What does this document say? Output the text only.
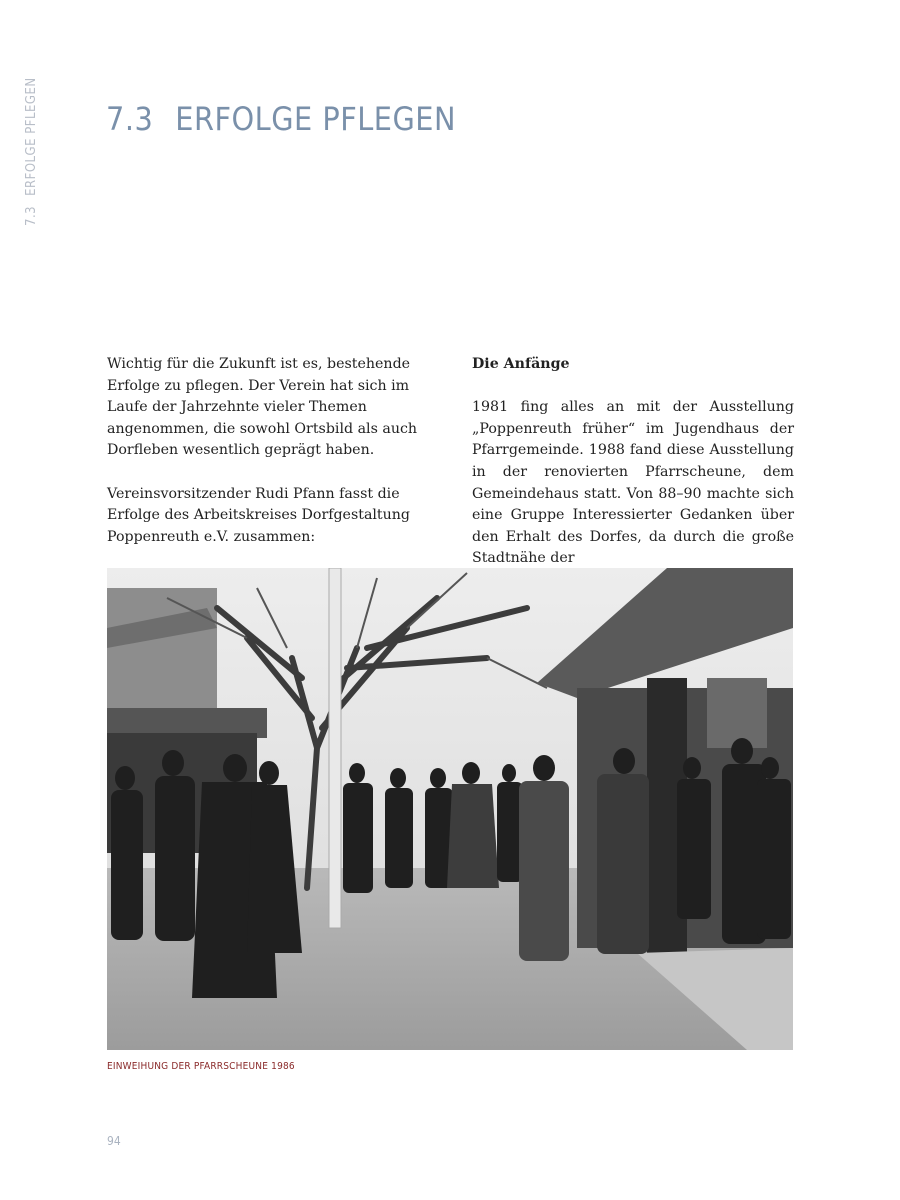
7.3ERFOLGE PFLEGEN 7.3 ERFOLGE PFLEGEN

Wichtig für die Zukunft ist es, bestehende Erfolge zu pflegen. Der Verein hat sich im Laufe der Jahrzehnte vieler Themen angenommen, die sowohl Ortsbild als auch Dorfleben wesentlich geprägt haben.

Vereinsvorsitzender Rudi Pfann fasst die Erfolge des Arbeitskreises Dorfgestaltung Poppenreuth e.V. zusammen:

Die Anfänge

1981 fing alles an mit der Ausstellung „Poppenreuth früher“ im Jugendhaus der Pfarrgemeinde. 1988 fand diese Ausstellung in der renovierten Pfarrscheune, dem Gemeindehaus statt. Von 88–90 machte sich eine Gruppe Interessierter Gedanken über den Erhalt des Dorfes, da durch die große Stadtnähe der

EINWEIHUNG DER PFARRSCHEUNE 1986
94
